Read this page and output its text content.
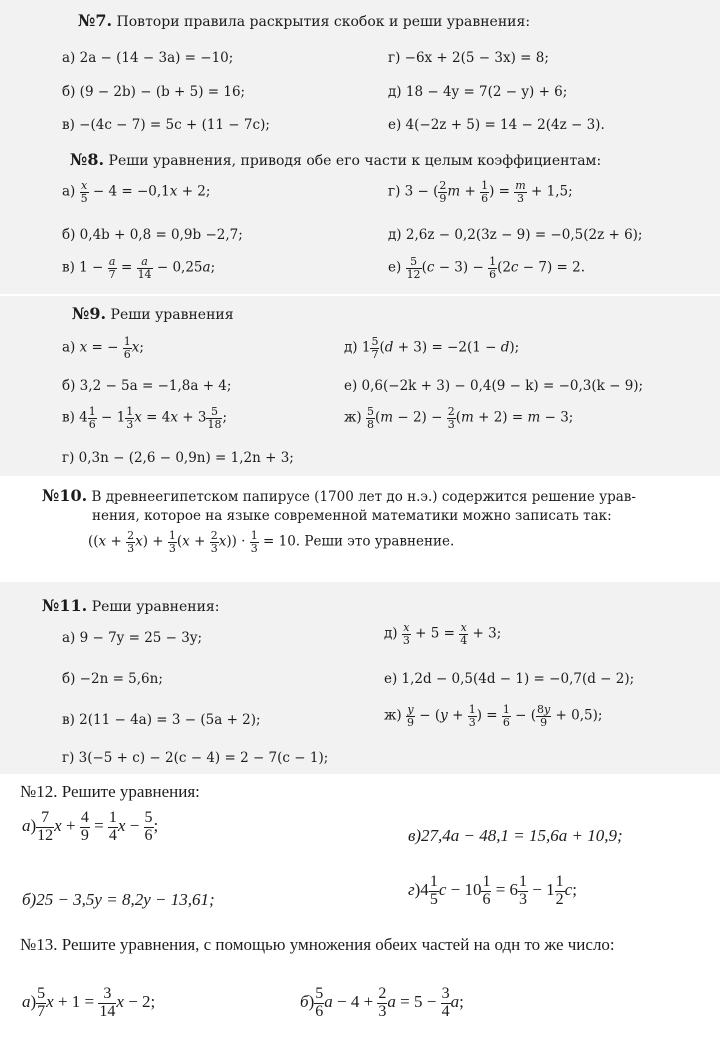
№7. Повтори правила раскрытия скобок и реши уравнения:
а) 2a − (14 − 3a) = −10;
б) (9 − 2b) − (b + 5) = 16;
в) −(4c − 7) = 5c + (11 − 7c);
г) −6x + 2(5 − 3x) = 8;
д) 18 − 4y = 7(2 − y) + 6;
е) 4(−2z + 5) = 14 − 2(4z − 3).
№8. Реши уравнения, приводя обе его части к целым коэффициентам:
$а) \frac{x}{5} - 4 = -0,1x + 2$;
б) 0,4b + 0,8 = 0,9b −2,7;
в) $1 - \frac{a}{7} = \frac{a}{14} - 0,25a$;
г) 3 − ( $\frac{2}{9}$ $m + \frac{1}{6}$ ) = $\frac{m}{3} + 1,5$;
д) 2,6z − 0,2(3z − 9) = −0,5(2z + 6);
$е) \frac{5}{12} (c - 3) - \frac{1}{6} (2c - 7) = 2$.
№9. Реши уравнения
а) x = − $\frac{1}{6} x$;
б) 3,2 − 5a = −1,8a + 4;
в) $4 \frac{1}{6} - 1 \frac{1}{3}$ $x = 4x + 3 \frac{5}{18}$ ;
г) 0,3n − (2,6 − 0,9n) = 1,2n + 3;
д) $1 \frac{5}{7} (d + 3) = -2(1 - d)$;
е) 0,6(−2k + 3) − 0,4(9 − k) = −0,3(k − 9);
$ж) \frac{5}{8} (m - 2) - \frac{2}{3} (m + 2) = m - 3$;
№10. В древнеегипетском папирусе (1700 лет до н.э.) содержится решение урав-
нения, которое на языке современной математики можно записать так:
$((x + \frac{2}{3} x) + \frac{1}{3} (x + \frac{2}{3} x)) \cdot \frac{1}{3} = 10$. Реши это уравнение.
№11. Реши уравнения:
а) 9 − 7y = 25 − 3y;
б) −2n = 5,6n;
в) 2(11 − 4a) = 3 − (5a + 2);
г) 3(−5 + c) − 2(c − 4) = 2 − 7(c − 1);
$д) \frac{x}{3} + 5 = \frac{x}{4} + 3$;
е) 1,2d − 0,5(4d − 1) = −0,7(d − 2);
$ж) \frac{y}{9} - (y + \frac{1}{3}$ ) = $\frac{1}{6}$ − ( $\frac{8y}{9} + 0,5$);
№12. Решите уравнения:
$а) \frac{7}{12}$ $x + \frac{4}{9} = \frac{1}{4}$ $x - \frac{5}{6}$ ;
в)27,4a − 48,1 = 15,6a + 10,9;
б)25 − 3,5y = 8,2y − 13,61;
$г)4 \frac{1}{5}$ $c - 10 \frac{1}{6} = 6 \frac{1}{3} - 1 \frac{1}{2} c$;
№13. Решите уравнения, с помощью умножения обеих частей на одн то же число:
$а) \frac{5}{7}$ $x + 1 = \frac{3}{14}$ x − 2;	$б) \frac{5}{6}$ $a - 4 + \frac{2}{3}$ $a = 5 - \frac{3}{4} a$;
